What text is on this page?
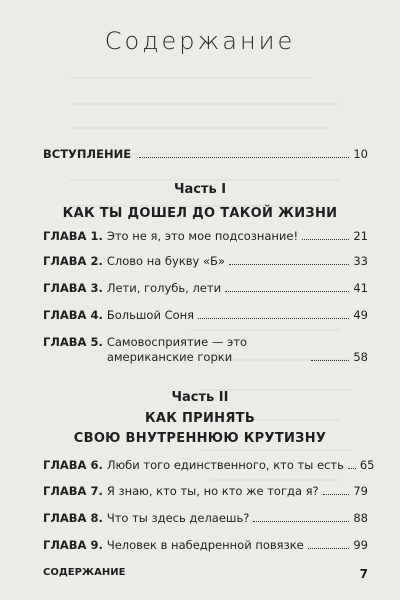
Содержание
ВСТУПЛЕНИЕ	10
Часть I
КАК ТЫ ДОШЕЛ ДО ТАКОЙ ЖИЗНИ
ГЛАВА 1. Это не я, это мое подсознание!	21
ГЛАВА 2. Слово на букву «Б»	33
ГЛАВА 3. Лети, голубь, лети	41
ГЛАВА 4. Большой Соня	49
ГЛАВА 5. Самовосприятие — это американские горки	58
Часть II
КАК ПРИНЯТЬ
СВОЮ ВНУТРЕННЮЮ КРУТИЗНУ
ГЛАВА 6. Люби того единственного, кто ты есть 65
ГЛАВА 7. Я знаю, кто ты, но кто же тогда я?	79
ГЛАВА 8. Что ты здесь делаешь?	88
ГЛАВА 9. Человек в набедренной повязке	99
СОДЕРЖАНИЕ	7
